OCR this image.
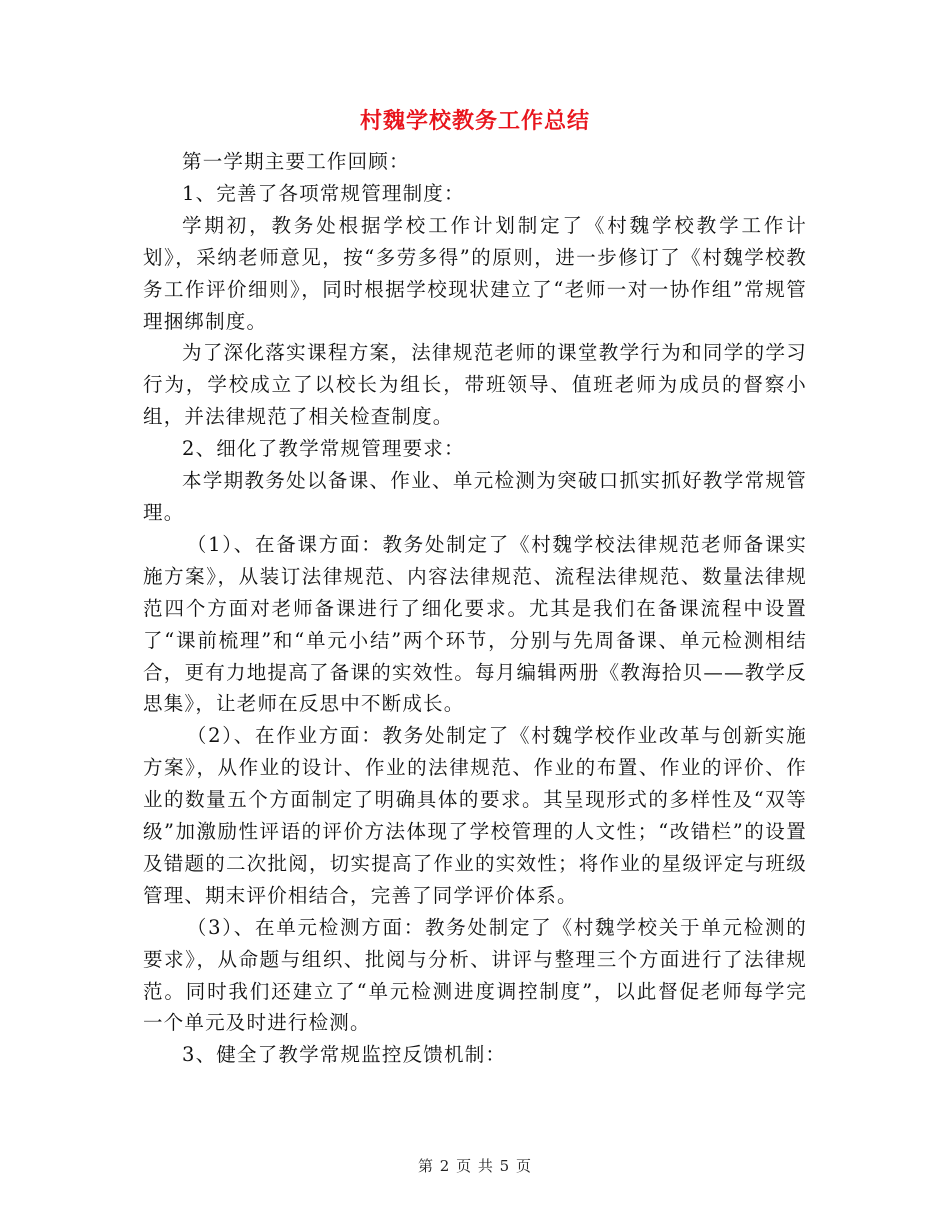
村魏学校教务工作总结

第一学期主要工作回顾：

1、完善了各项常规管理制度：

学期初，教务处根据学校工作计划制定了《村魏学校教学工作计划》，采纳老师意见，按“多劳多得”的原则，进一步修订了《村魏学校教务工作评价细则》，同时根据学校现状建立了“老师一对一协作组”常规管理捆绑制度。

为了深化落实课程方案，法律规范老师的课堂教学行为和同学的学习行为，学校成立了以校长为组长，带班领导、值班老师为成员的督察小组，并法律规范了相关检查制度。

2、细化了教学常规管理要求：

本学期教务处以备课、作业、单元检测为突破口抓实抓好教学常规管理。

（1）、在备课方面：教务处制定了《村魏学校法律规范老师备课实施方案》，从装订法律规范、内容法律规范、流程法律规范、数量法律规范四个方面对老师备课进行了细化要求。尤其是我们在备课流程中设置了“课前梳理”和“单元小结”两个环节，分别与先周备课、单元检测相结合，更有力地提高了备课的实效性。每月编辑两册《教海拾贝——教学反思集》，让老师在反思中不断成长。

（2）、在作业方面：教务处制定了《村魏学校作业改革与创新实施方案》，从作业的设计、作业的法律规范、作业的布置、作业的评价、作业的数量五个方面制定了明确具体的要求。其呈现形式的多样性及“双等级”加激励性评语的评价方法体现了学校管理的人文性；“改错栏”的设置及错题的二次批阅，切实提高了作业的实效性；将作业的星级评定与班级管理、期末评价相结合，完善了同学评价体系。

（3）、在单元检测方面：教务处制定了《村魏学校关于单元检测的要求》，从命题与组织、批阅与分析、讲评与整理三个方面进行了法律规范。同时我们还建立了“单元检测进度调控制度”，以此督促老师每学完一个单元及时进行检测。

3、健全了教学常规监控反馈机制：

第 2 页 共 5 页
